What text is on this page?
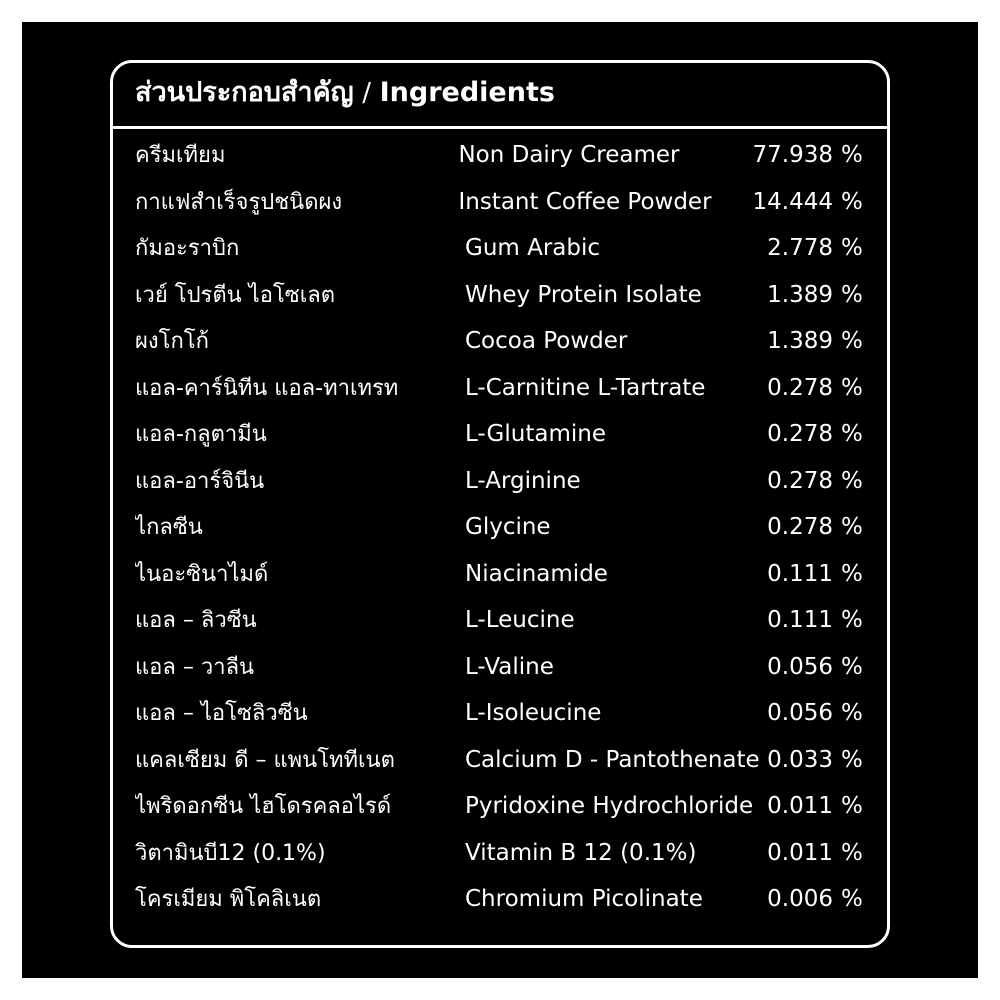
ส่วนประกอบสำคัญ / Ingredients
ครีมเทียม	Non Dairy Creamer	77.938 %
กาแฟสำเร็จรูปชนิดผง	Instant Coffee Powder	14.444 %
กัมอะราบิก	Gum Arabic	2.778 %
เวย์ โปรตีน ไอโซเลต	Whey Protein Isolate	1.389 %
ผงโกโก้	Cocoa Powder	1.389 %
แอล-คาร์นิทีน แอล-ทาเทรท	L-Carnitine L-Tartrate	0.278 %
แอล-กลูตามีน	L-Glutamine	0.278 %
แอล-อาร์จินีน	L-Arginine	0.278 %
ไกลซีน	Glycine	0.278 %
ไนอะซินาไมด์	Niacinamide	0.111 %
แอล – ลิวซีน	L-Leucine	0.111 %
แอล – วาลีน	L-Valine	0.056 %
แอล – ไอโซลิวซีน	L-Isoleucine	0.056 %
แคลเซียม ดี – แพนโททีเนต	Calcium D - Pantothenate 0.033 %
ไพริดอกซีน ไฮโดรคลอไรด์	Pyridoxine Hydrochloride 0.011 %
วิตามินบี12 (0.1%)	Vitamin B 12 (0.1%)	0.011 %
โครเมียม พิโคลิเนต	Chromium Picolinate	0.006 %
